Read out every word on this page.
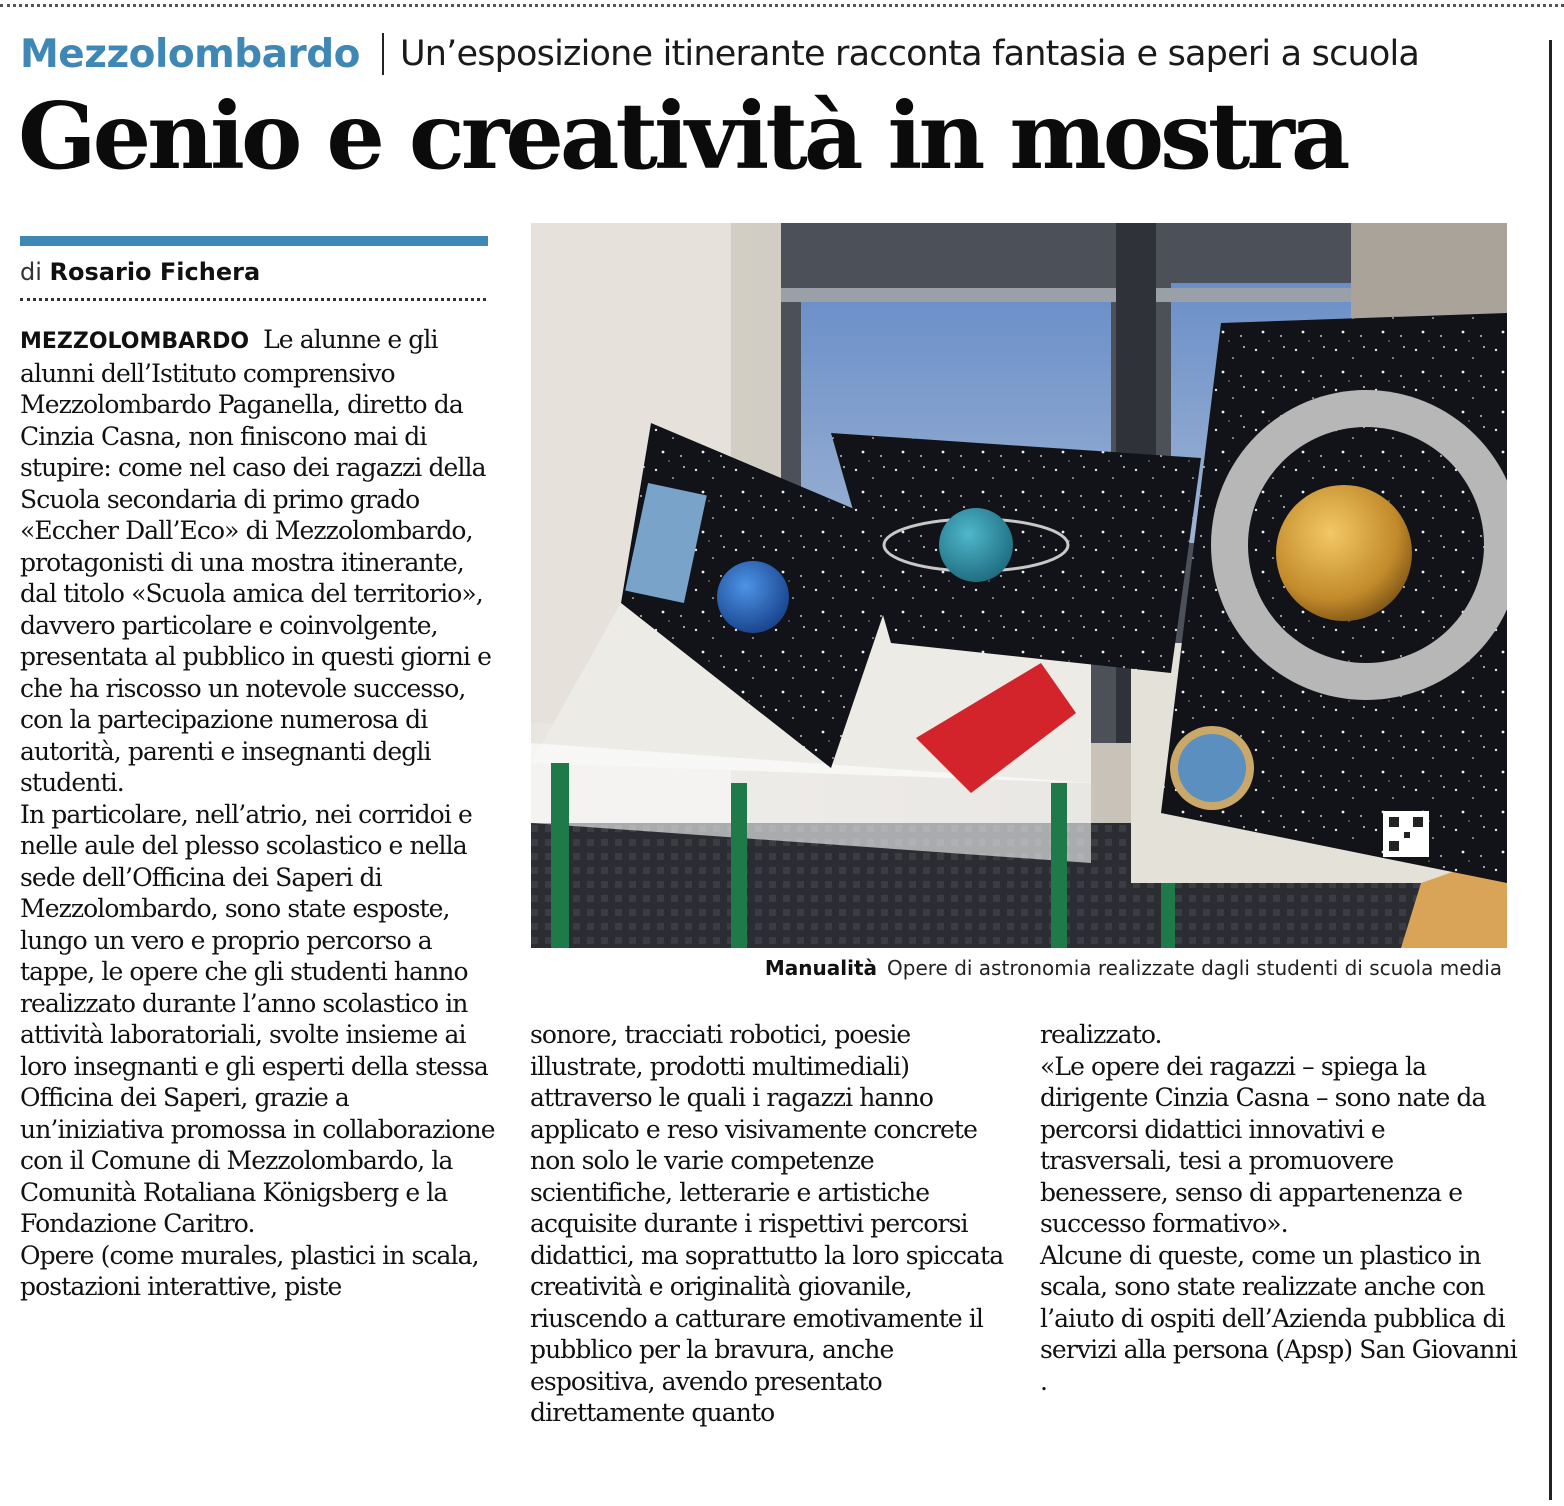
Mezzolombardo Un’esposizione itinerante racconta fantasia e saperi a scuola
Genio e creatività in mostra
di Rosario Fichera

MEZZOLOMBARDO Le alunne e gli alunni dell’Istituto comprensivo Mezzolombardo Paganella, diretto da Cinzia Casna, non finiscono mai di stupire: come nel caso dei ragazzi della Scuola secondaria di primo grado «Eccher Dall’Eco» di Mezzolombardo, protagonisti di una mostra itinerante, dal titolo «Scuola amica del territorio», davvero particolare e coinvolgente, presentata al pubblico in questi giorni e che ha riscosso un notevole successo, con la partecipazione numerosa di autorità, parenti e insegnanti degli studenti.

In particolare, nell’atrio, nei corridoi e nelle aule del plesso scolastico e nella sede dell’Officina dei Saperi di Mezzolombardo, sono state esposte, lungo un vero e proprio percorso a tappe, le opere che gli studenti hanno realizzato durante l’anno scolastico in attività laboratoriali, svolte insieme ai loro insegnanti e gli esperti della stessa Officina dei Saperi, grazie a un’iniziativa promossa in collaborazione con il Comune di Mezzolombardo, la Comunità Rotaliana Königsberg e la Fondazione Caritro.

Opere (come murales, plastici in scala, postazioni interattive, piste

sonore, tracciati robotici, poesie illustrate, prodotti multimediali) attraverso le quali i ragazzi hanno applicato e reso visivamente concrete non solo le varie competenze scientifiche, letterarie e artistiche acquisite durante i rispettivi percorsi didattici, ma soprattutto la loro spiccata creatività e originalità giovanile, riuscendo a catturare emotivamente il pubblico per la bravura, anche espositiva, avendo presentato direttamente quanto

realizzato.

«Le opere dei ragazzi – spiega la dirigente Cinzia Casna – sono nate da percorsi didattici innovativi e trasversali, tesi a promuovere benessere, senso di appartenenza e successo formativo».

Alcune di queste, come un plastico in scala, sono state realizzate anche con l’aiuto di ospiti dell’Azienda pubblica di servizi alla persona (Apsp) San Giovanni .

Manualità Opere di astronomia realizzate dagli studenti di scuola media
